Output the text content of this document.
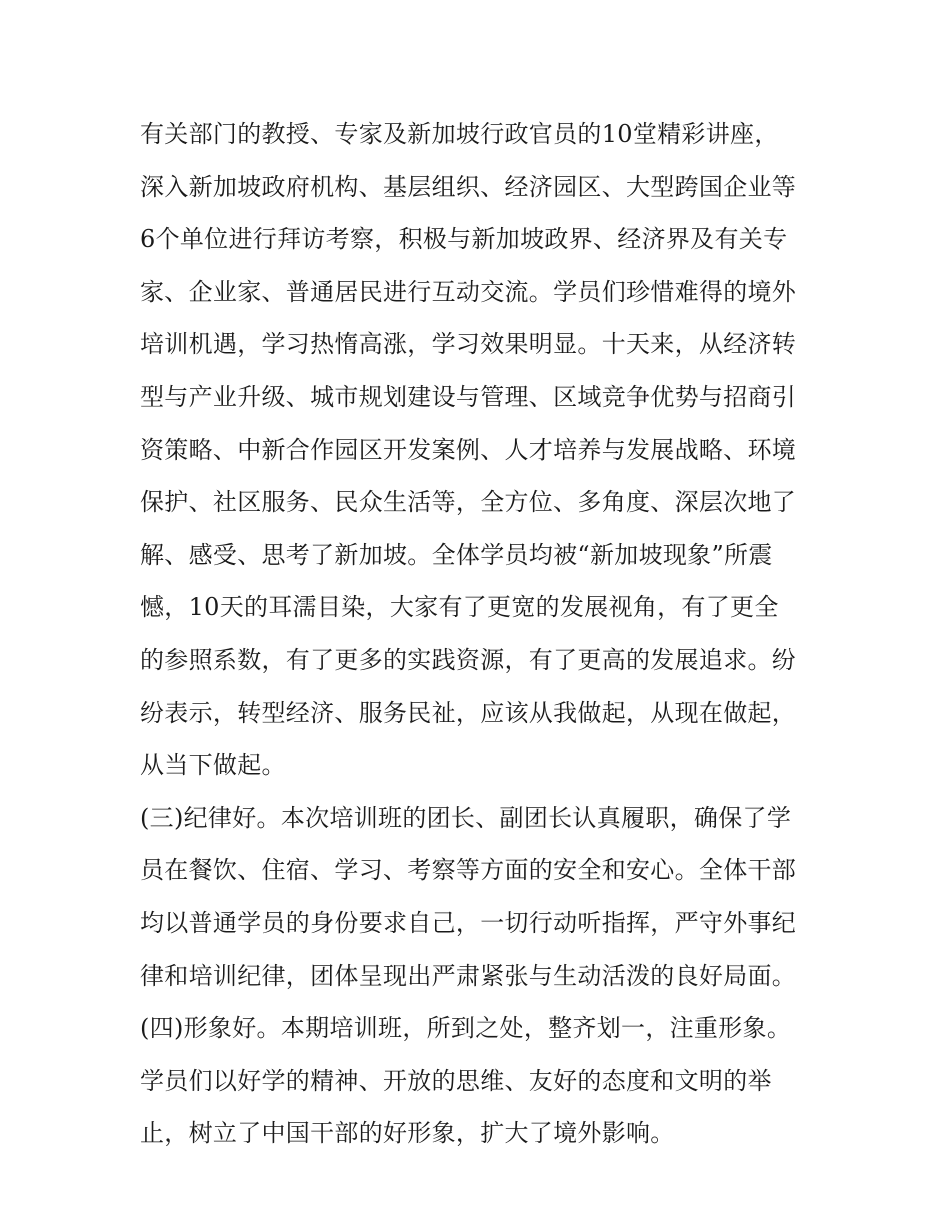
有关部门的教授、专家及新加坡行政官员的10堂精彩讲座，
深入新加坡政府机构、基层组织、经济园区、大型跨国企业等
6个单位进行拜访考察，积极与新加坡政界、经济界及有关专
家、企业家、普通居民进行互动交流。学员们珍惜难得的境外
培训机遇，学习热惰高涨，学习效果明显。十天来，从经济转
型与产业升级、城市规划建设与管理、区域竞争优势与招商引
资策略、中新合作园区开发案例、人才培养与发展战略、环境
保护、社区服务、民众生活等，全方位、多角度、深层次地了
解、感受、思考了新加坡。全体学员均被“新加坡现象”所震
憾，10天的耳濡目染，大家有了更宽的发展视角，有了更全
的参照系数，有了更多的实践资源，有了更高的发展追求。纷
纷表示，转型经济、服务民祉，应该从我做起，从现在做起，
从当下做起。
(三)纪律好。本次培训班的团长、副团长认真履职，确保了学
员在餐饮、住宿、学习、考察等方面的安全和安心。全体干部
均以普通学员的身份要求自己，一切行动听指挥，严守外事纪
律和培训纪律，团体呈现出严肃紧张与生动活泼的良好局面。
(四)形象好。本期培训班，所到之处，整齐划一，注重形象。
学员们以好学的精神、开放的思维、友好的态度和文明的举
止，树立了中国干部的好形象，扩大了境外影响。
